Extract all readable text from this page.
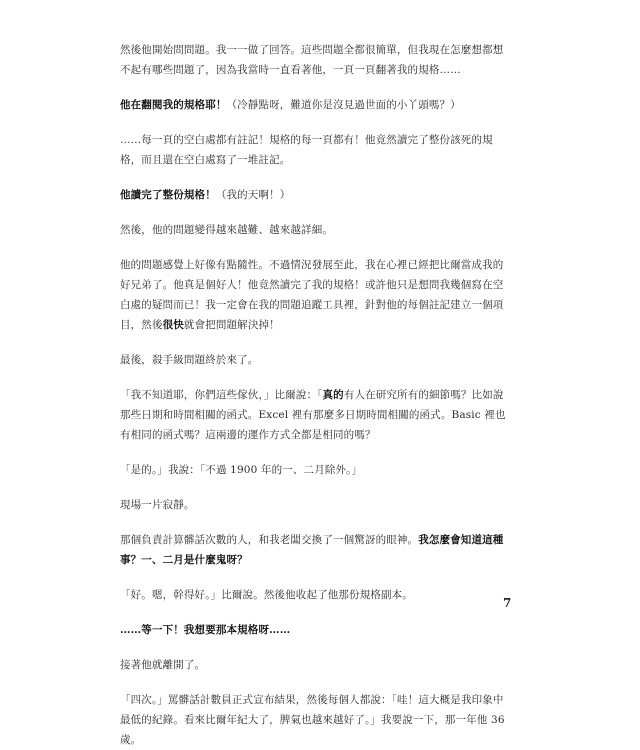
然後他開始問問題。我一一做了回答。這些問題全都很簡單，但我現在怎麼想都想不起有哪些問題了，因為我當時一直看著他，一頁一頁翻著我的規格……

他在翻閱我的規格耶！（冷靜點呀，難道你是沒見過世面的小丫頭嗎？）

……每一頁的空白處都有註記！規格的每一頁都有！他竟然讀完了整份該死的規格，而且還在空白處寫了一堆註記。

他讀完了整份規格！（我的天啊！）

然後，他的問題變得越來越難、越來越詳細。

他的問題感覺上好像有點隨性。不過情況發展至此，我在心裡已經把比爾當成我的好兄弟了。他真是個好人！他竟然讀完了我的規格！或許他只是想問我幾個寫在空白處的疑問而已！我一定會在我的問題追蹤工具裡，針對他的每個註記建立一個項目，然後很快就會把問題解決掉！

最後，殺手級問題終於來了。

「我不知道耶，你們這些傢伙，」比爾說：「真的有人在研究所有的細節嗎？比如說那些日期和時間相關的函式。Excel 裡有那麼多日期時間相關的函式。Basic 裡也有相同的函式嗎？這兩邊的運作方式全都是相同的嗎？

「是的。」我說：「不過 1900 年的一、二月除外。」

現場一片寂靜。

那個負責計算髒話次數的人，和我老闆交換了一個驚訝的眼神。我怎麼會知道這種事？一、二月是什麼鬼呀？

「好。嗯，幹得好。」比爾說。然後他收起了他那份規格副本。

……等一下！我想要那本規格呀……

接著他就離開了。

「四次。」罵髒話計數員正式宣布結果，然後每個人都說：「哇！這大概是我印象中最低的紀錄。看來比爾年紀大了，脾氣也越來越好了。」我要說一下，那一年他 36 歲。

7
